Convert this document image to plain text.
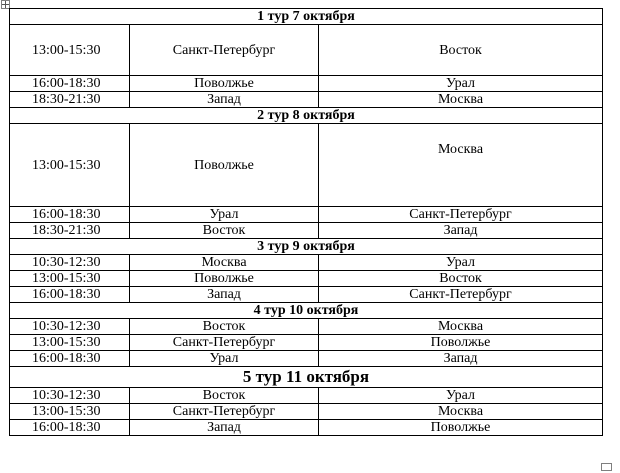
1 тур 7 октября		
13:00-15:30	Санкт-Петербург	Восток
16:00-18:30	Поволжье	Урал
18:30-21:30	Запад	Москва
2 тур 8 октября		
13:00-15:30	Поволжье	Москва
16:00-18:30	Урал	Санкт-Петербург
18:30-21:30	Восток	Запад
3 тур 9 октября		
10:30-12:30	Москва	Урал
13:00-15:30	Поволжье	Восток
16:00-18:30	Запад	Санкт-Петербург
4 тур 10 октября		
10:30-12:30	Восток	Москва
13:00-15:30	Санкт-Петербург	Поволжье
16:00-18:30	Урал	Запад
5 тур 11 октября		
10:30-12:30	Восток	Урал
13:00-15:30	Санкт-Петербург	Москва
16:00-18:30	Запад	Поволжье
